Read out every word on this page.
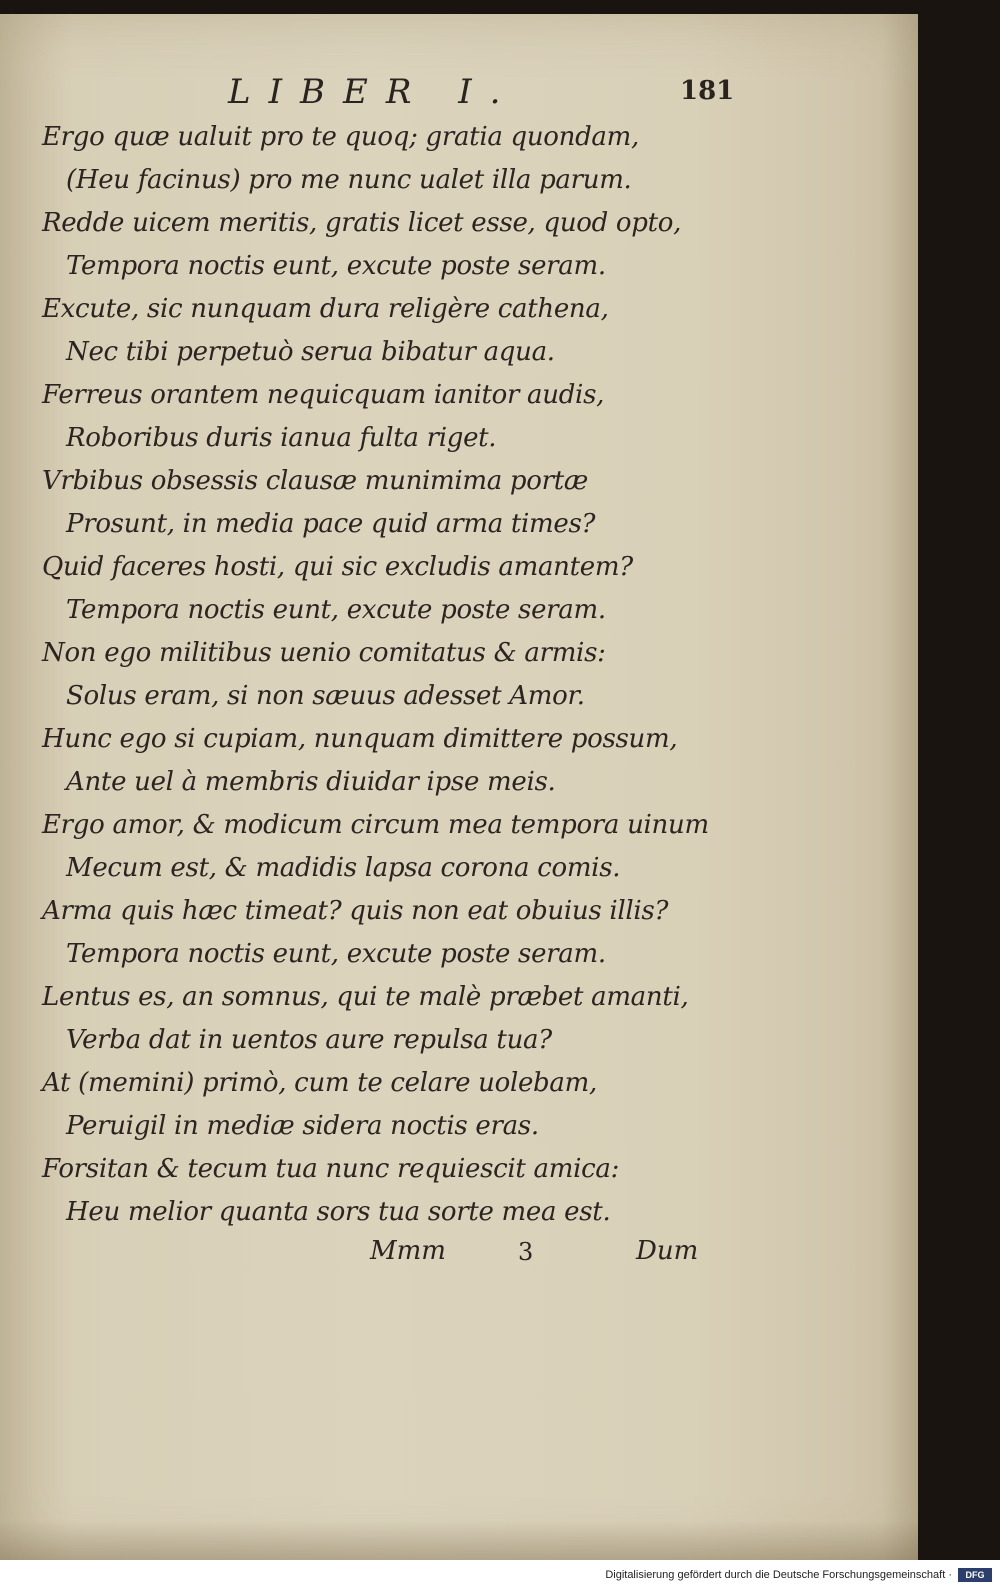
LIBER I.	181
Ergo quæ ualuit pro te quoq; gratia quondam,
(Heu facinus) pro me nunc ualet illa parum.
Redde uicem meritis, gratis licet esse, quod opto,
Tempora noctis eunt, excute poste seram.
Excute, sic nunquam dura religère cathena,
Nec tibi perpetuò serua bibatur aqua.
Ferreus orantem nequicquam ianitor audis,
Roboribus duris ianua fulta riget.
Vrbibus obsessis clausæ munimima portæ
Prosunt, in media pace quid arma times?
Quid faceres hosti, qui sic excludis amantem?
Tempora noctis eunt, excute poste seram.
Non ego militibus uenio comitatus & armis:
Solus eram, si non sæuus adesset Amor.
Hunc ego si cupiam, nunquam dimittere possum,
Ante uel à membris diuidar ipse meis.
Ergo amor, & modicum circum mea tempora uinum
Mecum est, & madidis lapsa corona comis.
Arma quis hæc timeat? quis non eat obuius illis?
Tempora noctis eunt, excute poste seram.
Lentus es, an somnus, qui te malè præbet amanti,
Verba dat in uentos aure repulsa tua?
At (memini) primò, cum te celare uolebam,
Peruigil in mediæ sidera noctis eras.
Forsitan & tecum tua nunc requiescit amica:
Heu melior quanta sors tua sorte mea est.
Mmm	3	Dum
Digitalisierung gefördert durch die Deutsche Forschungsgemeinschaft ·	DFG
